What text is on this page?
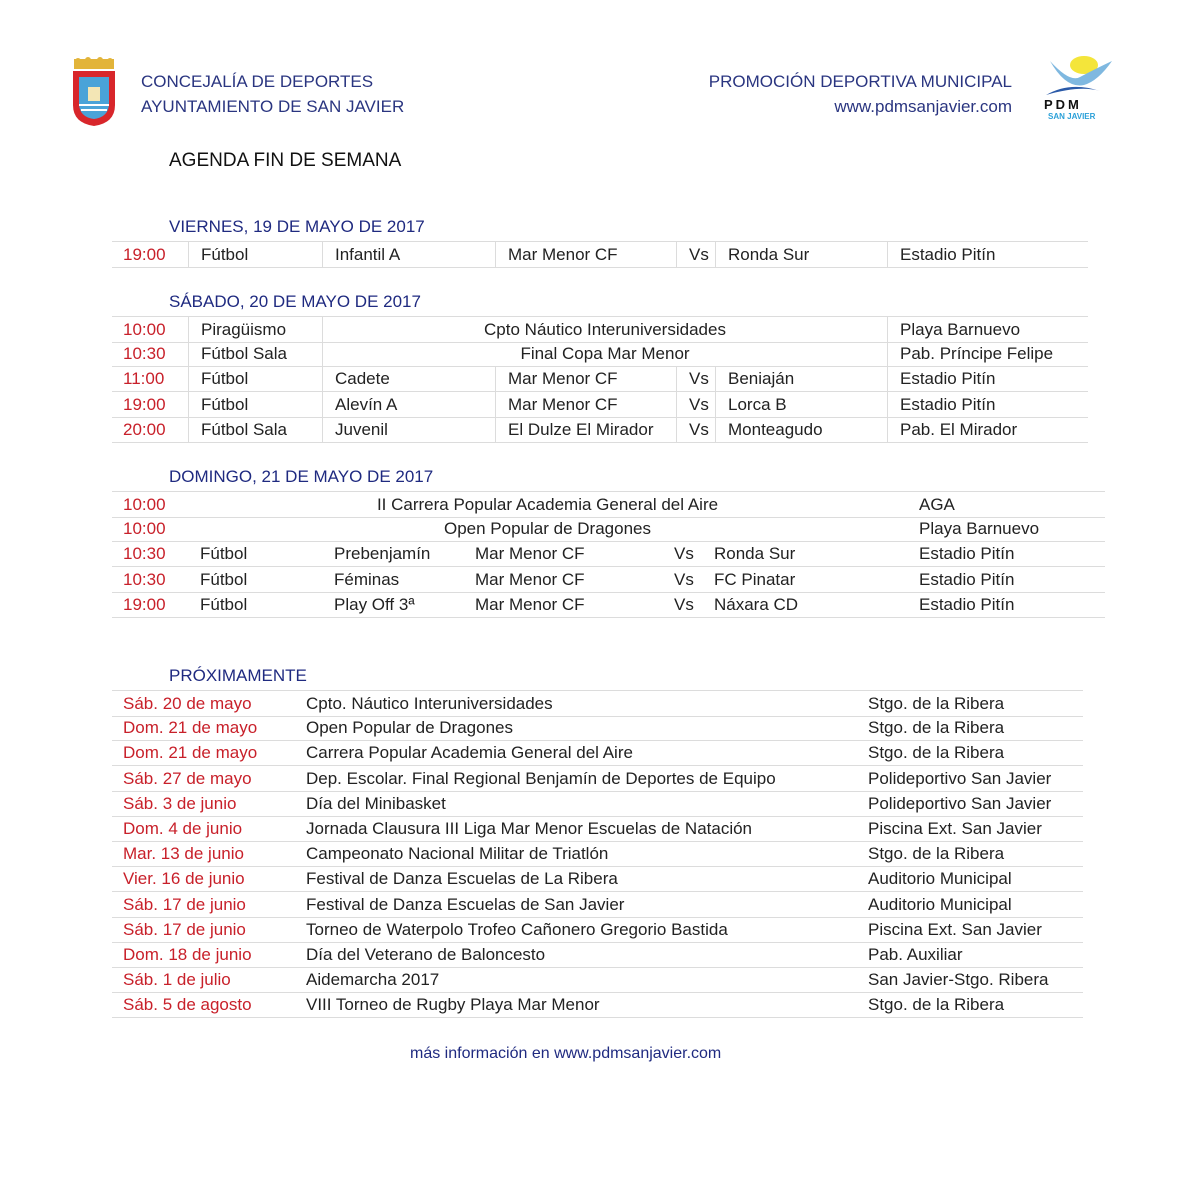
CONCEJALÍA DE DEPORTES
AYUNTAMIENTO DE SAN JAVIER
PROMOCIÓN DEPORTIVA MUNICIPAL
www.pdmsanjavier.com PDM
SAN JAVIER
AGENDA FIN DE SEMANA
VIERNES, 19 DE MAYO DE 2017
19:00	Fútbol	Infantil A	Mar Menor CF	Vs	Ronda Sur	Estadio Pitín
SÁBADO, 20 DE MAYO DE 2017
10:00	Piragüismo	Cpto Náutico Interuniversidades	Playa Barnuevo
10:30	Fútbol Sala	Final Copa Mar Menor	Pab. Príncipe Felipe
11:00	Fútbol	Cadete	Mar Menor CF	Vs	Beniaján	Estadio Pitín
19:00	Fútbol	Alevín A	Mar Menor CF	Vs	Lorca B	Estadio Pitín
20:00	Fútbol Sala	Juvenil	El Dulze El Mirador	Vs	Monteagudo	Pab. El Mirador
DOMINGO, 21 DE MAYO DE 2017
10:00	II Carrera Popular Academia General del Aire	AGA
10:00	Open Popular de Dragones	Playa Barnuevo
10:30	Fútbol	Prebenjamín	Mar Menor CF	Vs	Ronda Sur	Estadio Pitín
10:30	Fútbol	Féminas	Mar Menor CF	Vs	FC Pinatar	Estadio Pitín
19:00	Fútbol	Play Off 3ª	Mar Menor CF	Vs	Náxara CD	Estadio Pitín
PRÓXIMAMENTE
Sáb. 20 de mayo	Cpto. Náutico Interuniversidades	Stgo. de la Ribera
Dom. 21 de mayo	Open Popular de Dragones	Stgo. de la Ribera
Dom. 21 de mayo	Carrera Popular Academia General del Aire	Stgo. de la Ribera
Sáb. 27 de mayo	Dep. Escolar. Final Regional Benjamín de Deportes de Equipo	Polideportivo San Javier
Sáb. 3 de junio	Día del Minibasket	Polideportivo San Javier
Dom. 4 de junio	Jornada Clausura III Liga Mar Menor Escuelas de Natación	Piscina Ext. San Javier
Mar. 13 de junio	Campeonato Nacional Militar de Triatlón	Stgo. de la Ribera
Vier. 16 de junio	Festival de Danza Escuelas de La Ribera	Auditorio Municipal
Sáb. 17 de junio	Festival de Danza Escuelas de San Javier	Auditorio Municipal
Sáb. 17 de junio	Torneo de Waterpolo Trofeo Cañonero Gregorio Bastida	Piscina Ext. San Javier
Dom. 18 de junio	Día del Veterano de Baloncesto	Pab. Auxiliar
Sáb. 1 de julio	Aidemarcha 2017	San Javier-Stgo. Ribera
Sáb. 5 de agosto	VIII Torneo de Rugby Playa Mar Menor	Stgo. de la Ribera
más información en www.pdmsanjavier.com
